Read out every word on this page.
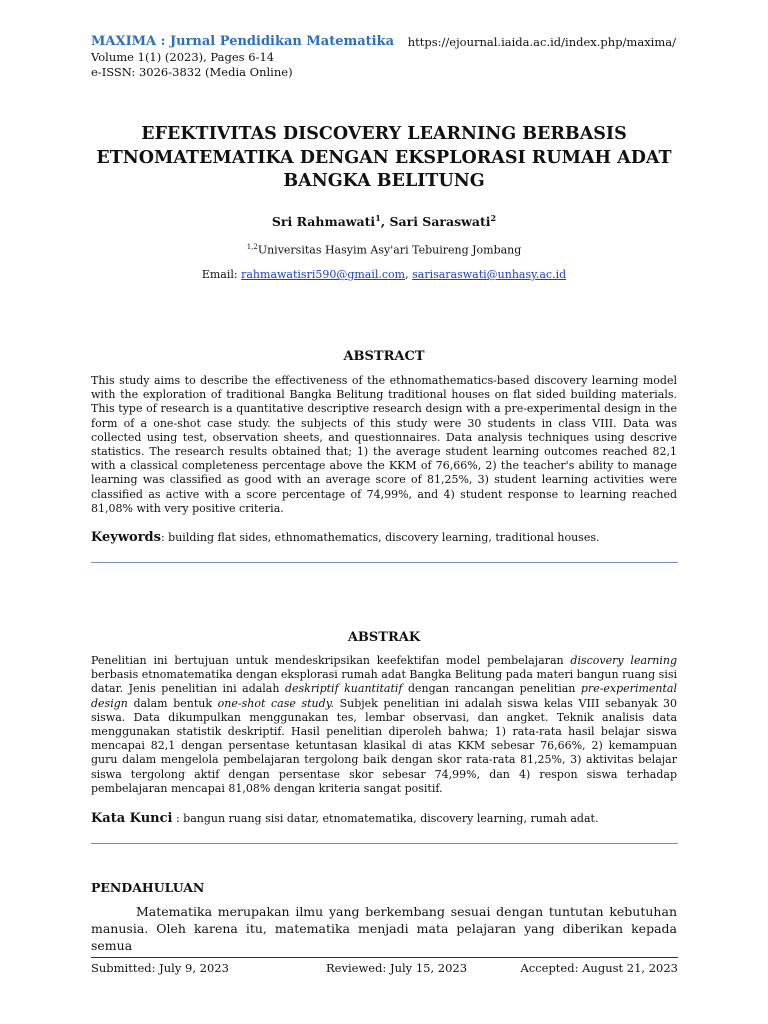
MAXIMA : Jurnal Pendidikan Matematika https://ejournal.iaida.ac.id/index.php/maxima/
Volume 1(1) (2023), Pages 6-14
e-ISSN: 3026-3832 (Media Online)
EFEKTIVITAS DISCOVERY LEARNING BERBASIS
ETNOMATEMATIKA DENGAN EKSPLORASI RUMAH ADAT
BANGKA BELITUNG
Sri Rahmawati$^1$, Sari Saraswati$^2$
$^{1,2}$Universitas Hasyim Asy'ari Tebuireng Jombang
Email: rahmawatisri590@gmail.com, sarisaraswati@unhasy.ac.id
ABSTRACT
This study aims to describe the effectiveness of the ethnomathematics-based discovery learning model with the exploration of traditional Bangka Belitung traditional houses on flat sided building materials. This type of research is a quantitative descriptive research design with a pre-experimental design in the form of a one-shot case study. the subjects of this study were 30 students in class VIII. Data was collected using test, observation sheets, and questionnaires. Data analysis techniques using descrive statistics. The research results obtained that; 1) the average student learning outcomes reached 82,1 with a classical completeness percentage above the KKM of 76,66%, 2) the teacher's ability to manage learning was classified as good with an average score of 81,25%, 3) student learning activities were classified as active with a score percentage of 74,99%, and 4) student response to learning reached 81,08% with very positive criteria.
Keywords: building flat sides, ethnomathematics, discovery learning, traditional houses.
ABSTRAK
Penelitian ini bertujuan untuk mendeskripsikan keefektifan model pembelajaran discovery learning berbasis etnomatematika dengan eksplorasi rumah adat Bangka Belitung pada materi bangun ruang sisi datar. Jenis penelitian ini adalah deskriptif kuantitatif dengan rancangan penelitian pre-experimental design dalam bentuk one-shot case study. Subjek penelitian ini adalah siswa kelas VIII sebanyak 30 siswa. Data dikumpulkan menggunakan tes, lembar observasi, dan angket. Teknik analisis data menggunakan statistik deskriptif. Hasil penelitian diperoleh bahwa; 1) rata-rata hasil belajar siswa mencapai 82,1 dengan persentase ketuntasan klasikal di atas KKM sebesar 76,66%, 2) kemampuan guru dalam mengelola pembelajaran tergolong baik dengan skor rata-rata 81,25%, 3) aktivitas belajar siswa tergolong aktif dengan persentase skor sebesar 74,99%, dan 4) respon siswa terhadap pembelajaran mencapai 81,08% dengan kriteria sangat positif.
Kata Kunci : bangun ruang sisi datar, etnomatematika, discovery learning, rumah adat.
PENDAHULUAN
Matematika merupakan ilmu yang berkembang sesuai dengan tuntutan kebutuhan manusia. Oleh karena itu, matematika menjadi mata pelajaran yang diberikan kepada semua
Submitted: July 9, 2023	Reviewed: July 15, 2023	Accepted: August 21, 2023
